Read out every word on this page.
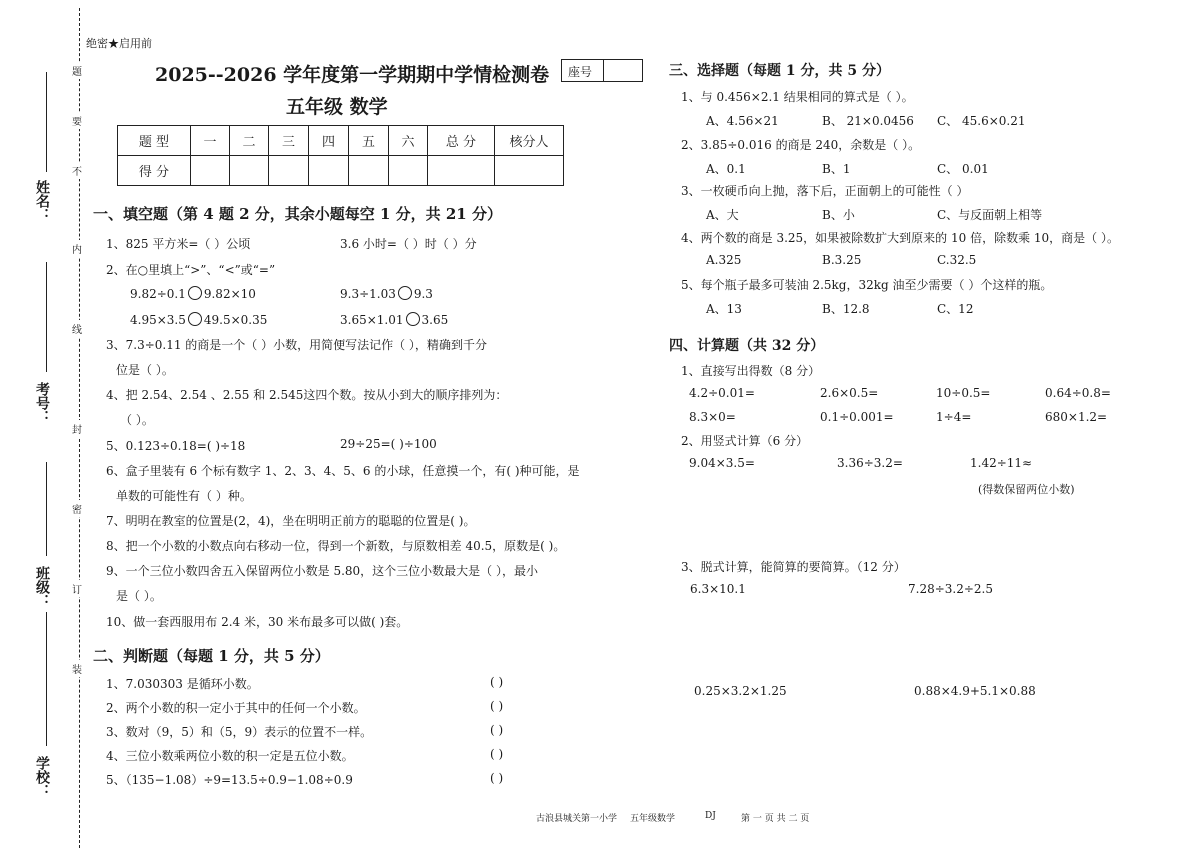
题
要
不
内
线
封
密
订
装
姓名：
考号：
班级：
学校：
绝密★启用前
2025--2026 学年度第一学期期中学情检测卷
五年级 数学
座号
题 型	一	二	三	四	五	六	总 分	核分人
得 分								
一、填空题（第 4 题 2 分，其余小题每空 1 分，共 21 分）
1、825 平方米=（ ）公顷	3.6 小时=（ ）时（ ）分
2、在○里填上“>”、“<”或“=”
9.82÷0.1 9.82×10	9.3÷1.03 9.3
4.95×3.5 49.5×0.35	3.65×1.01 3.65
3、7.3÷0.11 的商是一个（ ）小数，用简便写法记作（ ），精确到千分
位是（ ）。
4、把 2.54、2.54 、2.55 和 2.545这四个数。按从小到大的顺序排列为：
（ ）。
5、0.123÷0.18=( )÷18	29÷25=( )÷100
6、盒子里装有 6 个标有数字 1、2、3、4、5、6 的小球，任意摸一个，有( )种可能，是
单数的可能性有（ ）种。
7、明明在教室的位置是(2，4)，坐在明明正前方的聪聪的位置是( )。
8、把一个小数的小数点向右移动一位，得到一个新数，与原数相差 40.5，原数是( )。
9、一个三位小数四舍五入保留两位小数是 5.80，这个三位小数最大是（ ），最小
是（ ）。
10、做一套西服用布 2.4 米，30 米布最多可以做( )套。
二、判断题（每题 1 分，共 5 分）
1、7.030303 是循环小数。	( )
2、两个小数的积一定小于其中的任何一个小数。	( )
3、数对（9，5）和（5，9）表示的位置不一样。	( )
4、三位小数乘两位小数的积一定是五位小数。	( )
5、（135−1.08）÷9=13.5÷0.9−1.08÷0.9	( )
三、选择题（每题 1 分，共 5 分）
1、与 0.456×2.1 结果相同的算式是（ ）。
A、4.56×21	B、 21×0.0456 C、 45.6×0.21
2、3.85÷0.016 的商是 240，余数是（ ）。
A、0.1	B、1	C、 0.01
3、一枚硬币向上抛，落下后，正面朝上的可能性（ ）
A、大	B、小	C、与反面朝上相等
4、两个数的商是 3.25，如果被除数扩大到原来的 10 倍，除数乘 10，商是（ ）。
A.325	B.3.25	C.32.5
5、每个瓶子最多可装油 2.5kg，32kg 油至少需要（ ）个这样的瓶。
A、13	B、12.8	C、12
四、计算题（共 32 分）
1、直接写出得数（8 分）
4.2÷0.01=	2.6×0.5=	10÷0.5=	0.64÷0.8=
8.3×0=	0.1÷0.001=	1÷4=	680×1.2=
2、用竖式计算（6 分）
9.04×3.5=	3.36÷3.2=	1.42÷11≈
(得数保留两位小数)
3、脱式计算，能简算的要简算。（12 分）
6.3×10.1	7.28÷3.2÷2.5
0.25×3.2×1.25	0.88×4.9+5.1×0.88
古浪县城关第一小学 五年级数学	DJ	第 一 页 共 二 页
